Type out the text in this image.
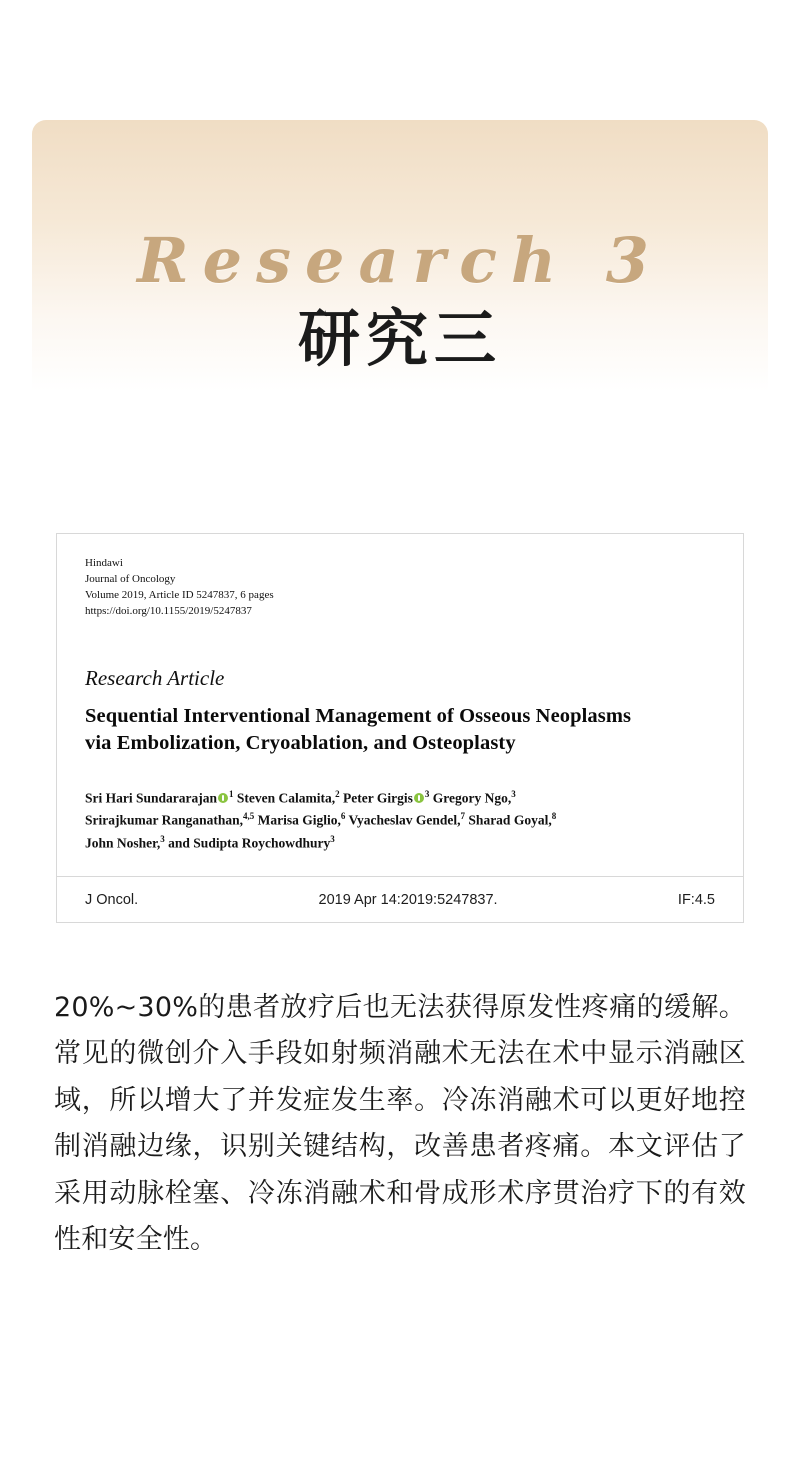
Research 3
研究三
Hindawi
Journal of Oncology
Volume 2019, Article ID 5247837, 6 pages
https://doi.org/10.1155/2019/5247837
Research Article
Sequential Interventional Management of Osseous Neoplasms
via Embolization, Cryoablation, and Osteoplasty
Sri Hari Sundararajan $^1$ Steven Calamita,$^2$ Peter Girgis $^3$ Gregory Ngo,$^3$
Srirajkumar Ranganathan,$^{4,5}$ Marisa Giglio,$^6$ Vyacheslav Gendel,$^7$ Sharad Goyal,$^8$
John Nosher,$^3$ and Sudipta Roychowdhury$^3$
J Oncol.	2019 Apr 14:2019:5247837.	IF:4.5
20%~30%的患者放疗后也无法获得原发性疼痛的缓解。常见的微创介入手段如射频消融术无法在术中显示消融区域，所以增大了并发症发生率。冷冻消融术可以更好地控制消融边缘，识别关键结构，改善患者疼痛。本文评估了采用动脉栓塞、冷冻消融术和骨成形术序贯治疗下的有效性和安全性。
